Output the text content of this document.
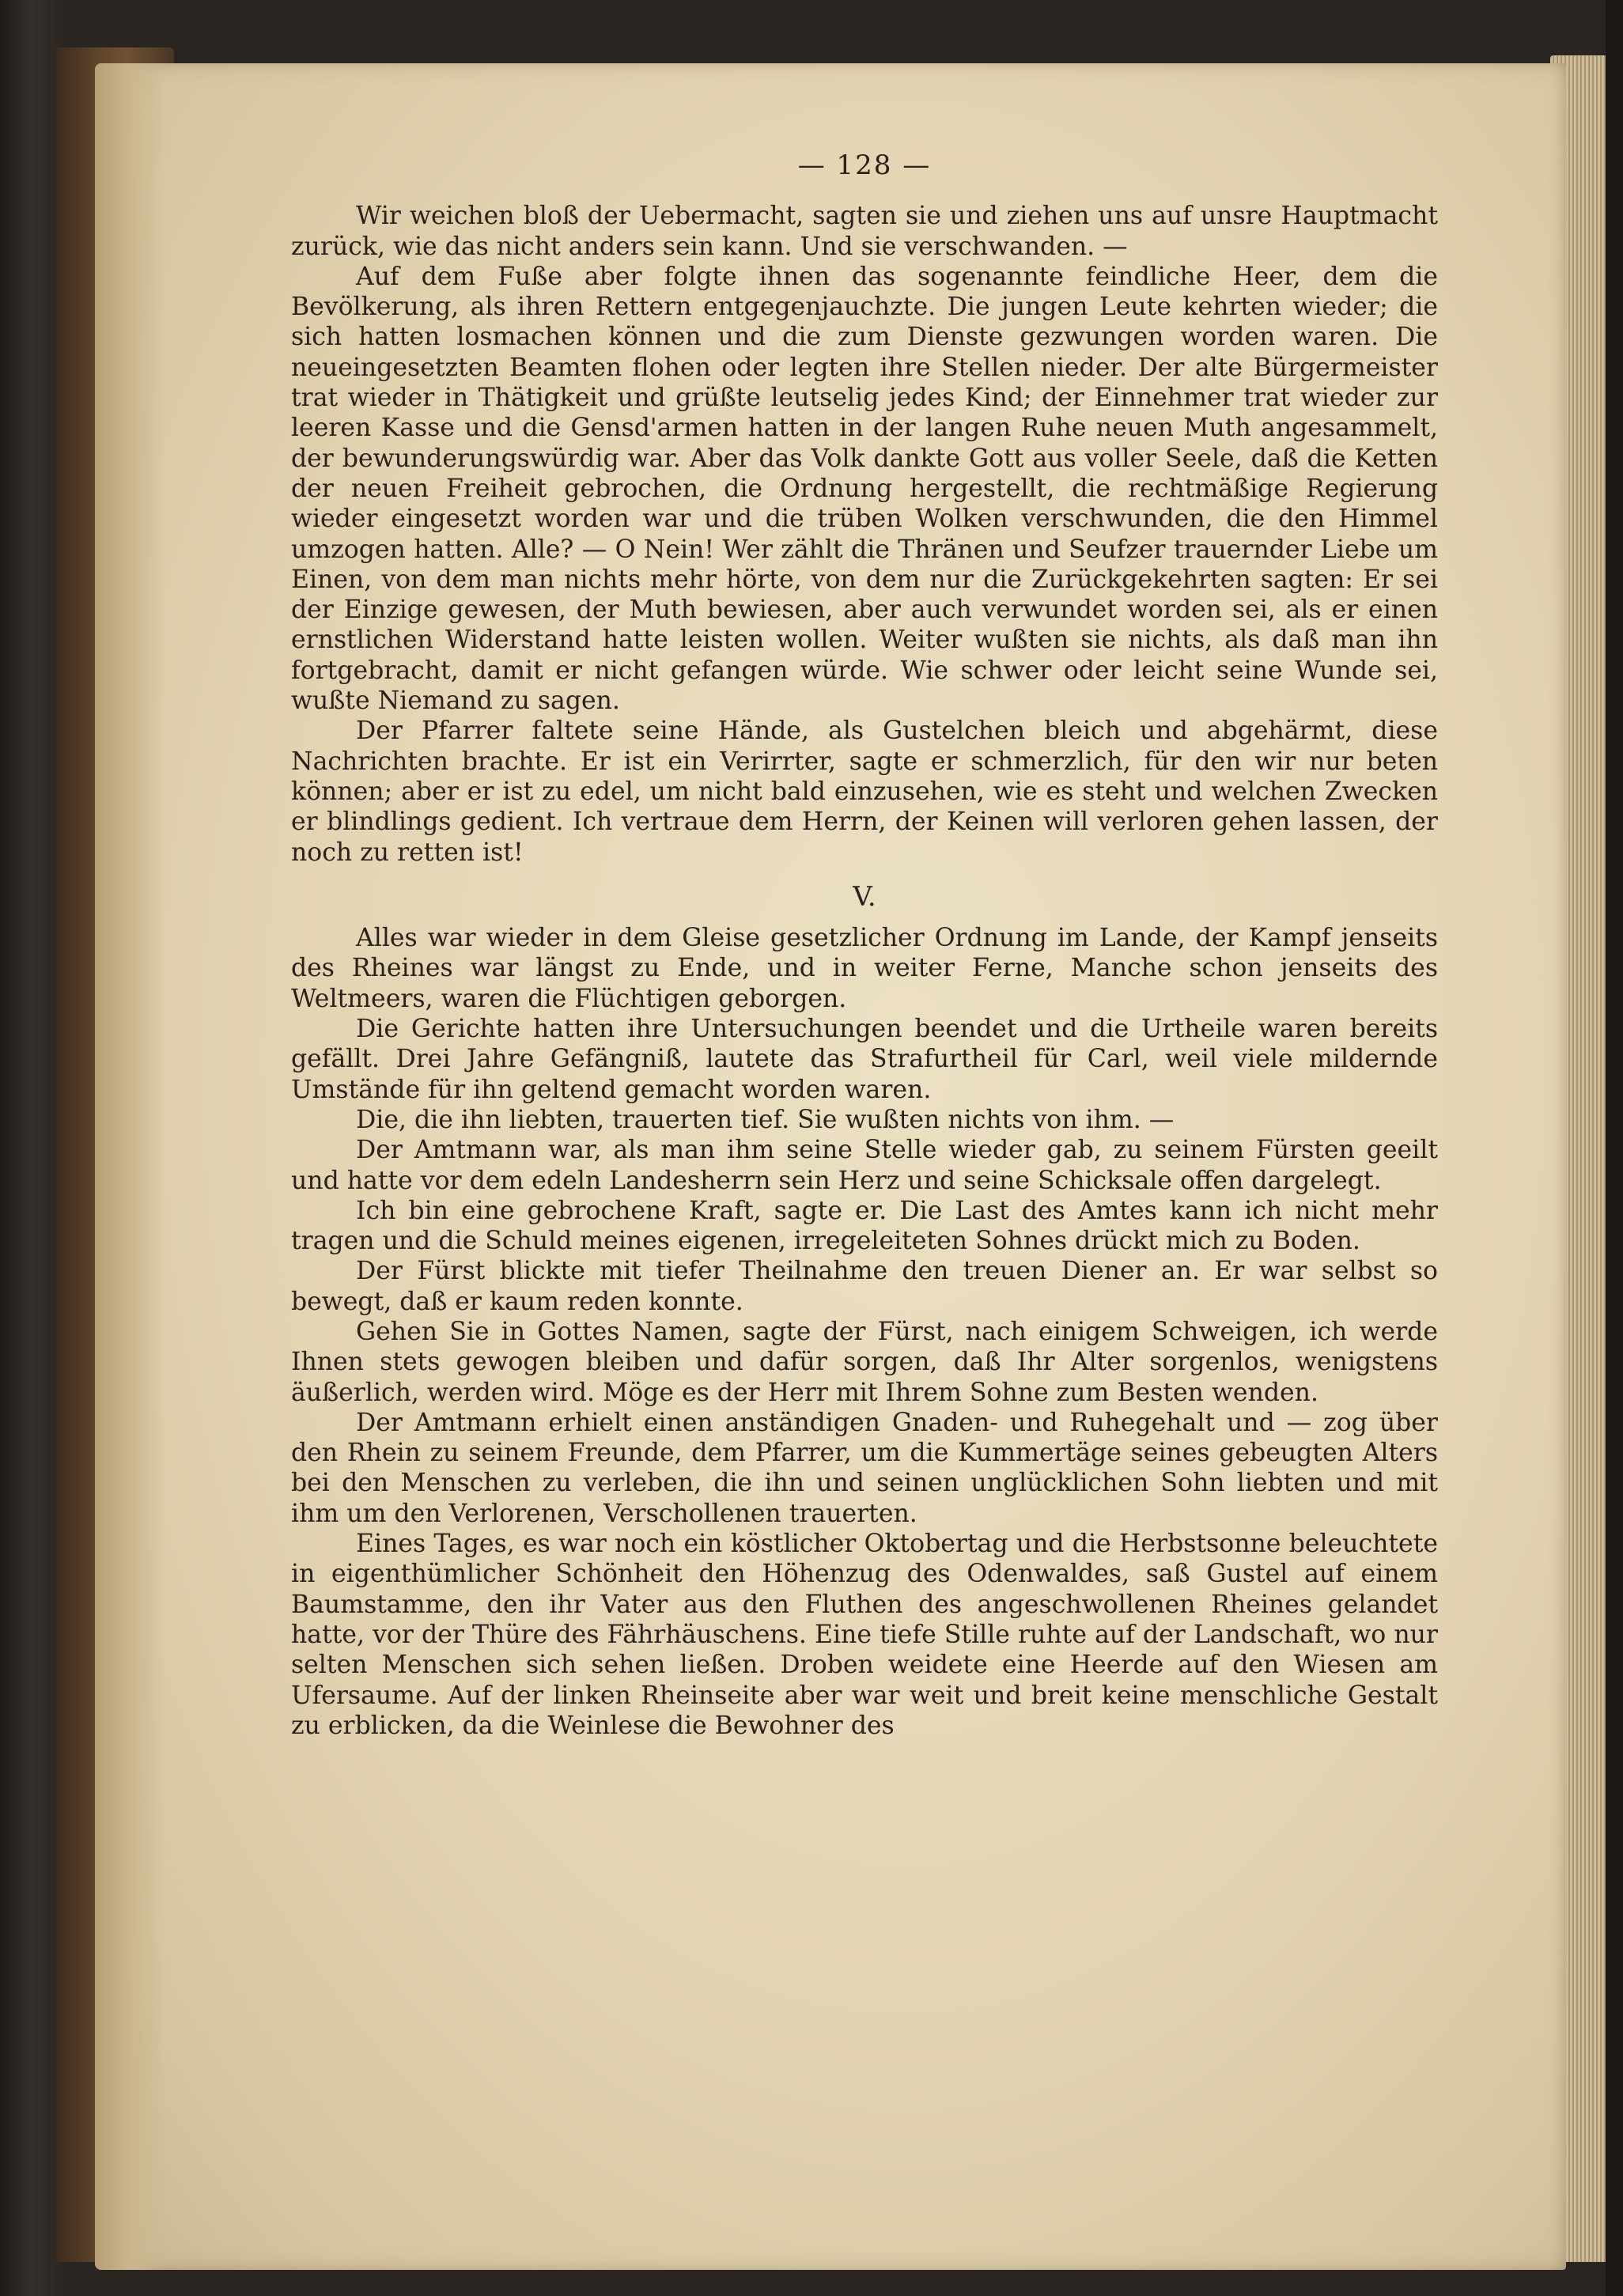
— 128 —

Wir weichen bloß der Uebermacht, sagten sie und ziehen uns auf unsre Hauptmacht zurück, wie das nicht anders sein kann. Und sie verschwanden. —

Auf dem Fuße aber folgte ihnen das sogenannte feindliche Heer, dem die Bevölkerung, als ihren Rettern entgegenjauchzte. Die jungen Leute kehrten wieder; die sich hatten losmachen können und die zum Dienste gezwungen worden waren. Die neueingesetzten Beamten flohen oder legten ihre Stellen nieder. Der alte Bürgermeister trat wieder in Thätigkeit und grüßte leutselig jedes Kind; der Einnehmer trat wieder zur leeren Kasse und die Gensd'armen hatten in der langen Ruhe neuen Muth angesammelt, der bewunderungswürdig war. Aber das Volk dankte Gott aus voller Seele, daß die Ketten der neuen Freiheit gebrochen, die Ordnung hergestellt, die rechtmäßige Regierung wieder eingesetzt worden war und die trüben Wolken verschwunden, die den Himmel umzogen hatten. Alle? — O Nein! Wer zählt die Thränen und Seufzer trauernder Liebe um Einen, von dem man nichts mehr hörte, von dem nur die Zurückgekehrten sagten: Er sei der Einzige gewesen, der Muth bewiesen, aber auch verwundet worden sei, als er einen ernstlichen Widerstand hatte leisten wollen. Weiter wußten sie nichts, als daß man ihn fortgebracht, damit er nicht gefangen würde. Wie schwer oder leicht seine Wunde sei, wußte Niemand zu sagen.

Der Pfarrer faltete seine Hände, als Gustelchen bleich und abgehärmt, diese Nachrichten brachte. Er ist ein Verirrter, sagte er schmerzlich, für den wir nur beten können; aber er ist zu edel, um nicht bald einzusehen, wie es steht und welchen Zwecken er blindlings gedient. Ich vertraue dem Herrn, der Keinen will verloren gehen lassen, der noch zu retten ist!

V.

Alles war wieder in dem Gleise gesetzlicher Ordnung im Lande, der Kampf jenseits des Rheines war längst zu Ende, und in weiter Ferne, Manche schon jenseits des Weltmeers, waren die Flüchtigen geborgen.

Die Gerichte hatten ihre Untersuchungen beendet und die Urtheile waren bereits gefällt. Drei Jahre Gefängniß, lautete das Strafurtheil für Carl, weil viele mildernde Umstände für ihn geltend gemacht worden waren.

Die, die ihn liebten, trauerten tief. Sie wußten nichts von ihm. —

Der Amtmann war, als man ihm seine Stelle wieder gab, zu seinem Fürsten geeilt und hatte vor dem edeln Landesherrn sein Herz und seine Schicksale offen dargelegt.

Ich bin eine gebrochene Kraft, sagte er. Die Last des Amtes kann ich nicht mehr tragen und die Schuld meines eigenen, irregeleiteten Sohnes drückt mich zu Boden.

Der Fürst blickte mit tiefer Theilnahme den treuen Diener an. Er war selbst so bewegt, daß er kaum reden konnte.

Gehen Sie in Gottes Namen, sagte der Fürst, nach einigem Schweigen, ich werde Ihnen stets gewogen bleiben und dafür sorgen, daß Ihr Alter sorgenlos, wenigstens äußerlich, werden wird. Möge es der Herr mit Ihrem Sohne zum Besten wenden.

Der Amtmann erhielt einen anständigen Gnaden- und Ruhegehalt und — zog über den Rhein zu seinem Freunde, dem Pfarrer, um die Kummertäge seines gebeugten Alters bei den Menschen zu verleben, die ihn und seinen unglücklichen Sohn liebten und mit ihm um den Verlorenen, Verschollenen trauerten.

Eines Tages, es war noch ein köstlicher Oktobertag und die Herbstsonne beleuchtete in eigenthümlicher Schönheit den Höhenzug des Odenwaldes, saß Gustel auf einem Baumstamme, den ihr Vater aus den Fluthen des angeschwollenen Rheines gelandet hatte, vor der Thüre des Fährhäuschens. Eine tiefe Stille ruhte auf der Landschaft, wo nur selten Menschen sich sehen ließen. Droben weidete eine Heerde auf den Wiesen am Ufersaume. Auf der linken Rheinseite aber war weit und breit keine menschliche Gestalt zu erblicken, da die Weinlese die Bewohner des
